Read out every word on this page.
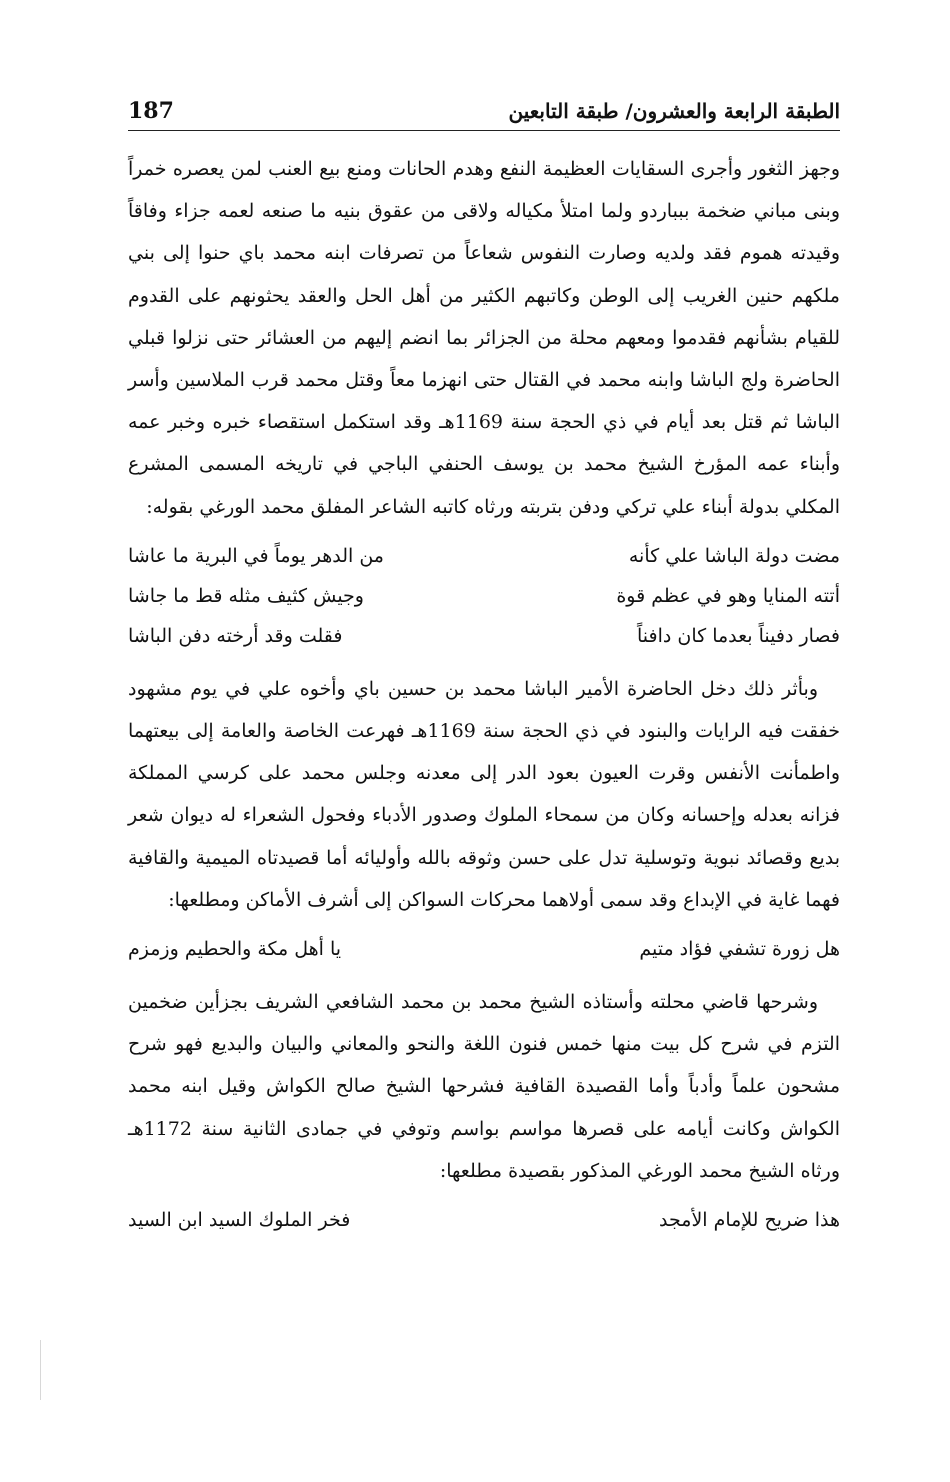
الطبقة الرابعة والعشرون/ طبقة التابعين
187

وجهز الثغور وأجرى السقايات العظيمة النفع وهدم الحانات ومنع بيع العنب لمن يعصره خمراً وبنى مباني ضخمة ببباردو ولما امتلأ مكياله ولاقى من عقوق بنيه ما صنعه لعمه جزاء وفاقاً وقيدته هموم فقد ولديه وصارت النفوس شعاعاً من تصرفات ابنه محمد باي حنوا إلى بني ملكهم حنين الغريب إلى الوطن وكاتبهم الكثير من أهل الحل والعقد يحثونهم على القدوم للقيام بشأنهم فقدموا ومعهم محلة من الجزائر بما انضم إليهم من العشائر حتى نزلوا قبلي الحاضرة ولج الباشا وابنه محمد في القتال حتى انهزما معاً وقتل محمد قرب الملاسين وأسر الباشا ثم قتل بعد أيام في ذي الحجة سنة 1169هـ وقد استكمل استقصاء خبره وخبر عمه وأبناء عمه المؤرخ الشيخ محمد بن يوسف الحنفي الباجي في تاريخه المسمى المشرع المكلي بدولة أبناء علي تركي ودفن بتربته ورثاه كاتبه الشاعر المفلق محمد الورغي بقوله:

مضت دولة الباشا علي كأنه
من الدهر يوماً في البرية ما عاشا
أتته المنايا وهو في عظم قوة
وجيش كثيف مثله قط ما جاشا
فصار دفيناً بعدما كان دافناً
فقلت وقد أرخته دفن الباشا

وبأثر ذلك دخل الحاضرة الأمير الباشا محمد بن حسين باي وأخوه علي في يوم مشهود خفقت فيه الرايات والبنود في ذي الحجة سنة 1169هـ فهرعت الخاصة والعامة إلى بيعتهما واطمأنت الأنفس وقرت العيون بعود الدر إلى معدنه وجلس محمد على كرسي المملكة فزانه بعدله وإحسانه وكان من سمحاء الملوك وصدور الأدباء وفحول الشعراء له ديوان شعر بديع وقصائد نبوية وتوسلية تدل على حسن وثوقه بالله وأوليائه أما قصيدتاه الميمية والقافية فهما غاية في الإبداع وقد سمى أولاهما محركات السواكن إلى أشرف الأماكن ومطلعها:

هل زورة تشفي فؤاد متيم
يا أهل مكة والحطيم وزمزم

وشرحها قاضي محلته وأستاذه الشيخ محمد بن محمد الشافعي الشريف بجزأين ضخمين التزم في شرح كل بيت منها خمس فنون اللغة والنحو والمعاني والبيان والبديع فهو شرح مشحون علماً وأدباً وأما القصيدة القافية فشرحها الشيخ صالح الكواش وقيل ابنه محمد الكواش وكانت أيامه على قصرها مواسم بواسم وتوفي في جمادى الثانية سنة 1172هـ ورثاه الشيخ محمد الورغي المذكور بقصيدة مطلعها:

هذا ضريح للإمام الأمجد
فخر الملوك السيد ابن السيد
